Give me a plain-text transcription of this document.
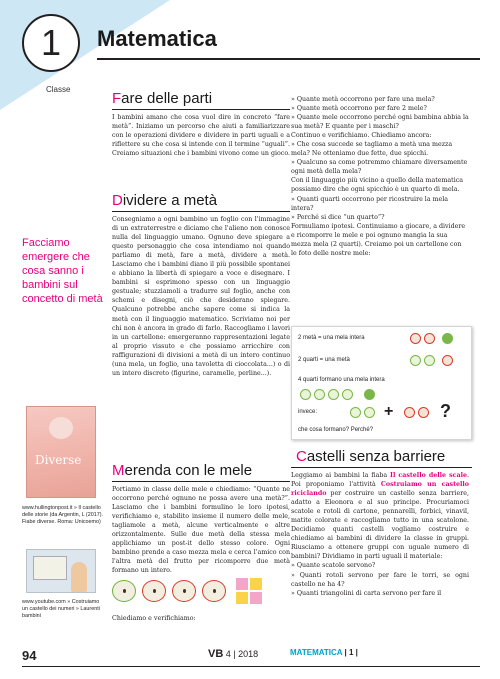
1
Classe
Matematica
Facciamo emergere che cosa sanno i bambini sul concetto di metà
Diverse
www.hullingtonpost.it » Il castello delle storie (da Argentin, L (2017). Fiabe diverse. Roma: Unicoemo)
www.youtube.com » Costruiamo un castello dei numeri » Laurenti bambini
Fare delle parti
I bambini amano che cosa vuol dire in concreto “fare metà”. Iniziamo un percorso che aiuti a familiarizzare con le operazioni dividere e dividere in parti uguali e a riflettere su che cosa si intende con il termine “uguali”. Creiamo situazioni che i bambini vivono come un gioco.
Dividere a metà
Consegniamo a ogni bambino un foglio con l'immagine di un extraterrestre e diciamo che l'alieno non conosce nulla del linguaggio umano. Ognuno deve spiegare a questo personaggio che cosa intendiamo noi quando parliamo di metà, fare a metà, dividere a metà. Lasciamo che i bambini diano il più possibile spontanei e abbiano la libertà di spiegare a voce e disegnare. I bambini si esprimono spesso con un linguaggio gestuale; stuzziamoli a tradurre sul foglio, anche con schemi e disegni, ciò che desiderano spiegare. Qualcuno potrebbe anche sapere come si indica la metà con il linguaggio matematico. Scriviamo noi per chi non è ancora in grado di farlo. Raccogliamo i lavori in un cartellone: emergeranno rappresentazioni legate al proprio vissuto e che possiamo arricchire con raffigurazioni di divisioni a metà di un intero continuo (una mela, un foglio, una tavoletta di cioccolata...) o di un intero discreto (figurine, caramelle, perline...).
Merenda con le mele
Portiamo in classe delle mele e chiediamo: “Quante ne occorrono perché ognuno ne possa avere una metà?”. Lasciamo che i bambini formulino le loro ipotesi, verifichiamo e, stabilito insieme il numero delle mele, tagliamole a metà, alcune verticalmente e altre orizzontalmente. Sulle due metà della stessa mela applichiamo un post-it dello stesso colore. Ogni bambino prende a caso mezza mela e cerca l'amico con l'altra metà del frutto per ricomporre due metà formano un intero.
Chiediamo e verifichiamo:
» Quante metà occorrono per fare una mela?
» Quante metà occorrono per fare 2 mele?
» Quante mele occorrono perché ogni bambina abbia la sua metà? E quante per i maschi?
Continuo e verifichiamo. Chiediamo ancora:
» Che cosa succede se tagliamo a metà una mezza mela? Ne otteniamo due fette, due spicchi.
» Qualcuno sa come potremmo chiamare diversamente ogni metà della mela?
Con il linguaggio più vicino a quello della matematica possiamo dire che ogni spicchio è un quarto di mela.
» Quanti quarti occorrono per ricostruire la mela intera?
» Perché si dice “un quarto”?
Formuliamo ipotesi. Continuiamo a giocare, a dividere e ricomporre le mele e poi ognuno mangia la sua mezza mela (2 quarti). Creiamo poi un cartellone con le foto delle nostre mele:
2 metà = una mela intera
2 quarti = una metà
4 quarti formano una mela intera
invece:	+	?
che cosa formano? Perché?
Castelli senza barriere
Leggiamo ai bambini la fiaba Il castello delle scale. Poi proponiamo l'attività Costruiamo un castello riciclando per costruire un castello senza barriere, adatto a Eleonora e al suo principe. Procuriamoci scatole e rotoli di cartone, pennarelli, forbici, vinavil, matite colorate e raccogliamo tutto in una scatolone. Decidiamo quanti castelli vogliamo costruire e chiediamo ai bambini di dividere la classe in gruppi. Riusciamo a ottenere gruppi con uguale numero di bambini? Dividiamo in parti uguali il materiale:
» Quante scatole servono?
» Quanti rotoli servono per fare le torri, se ogni castello ne ha 4?
» Quanti triangolini di carta servono per fare il
94	VB 4 | 2018	MATEMATICA | 1 |
